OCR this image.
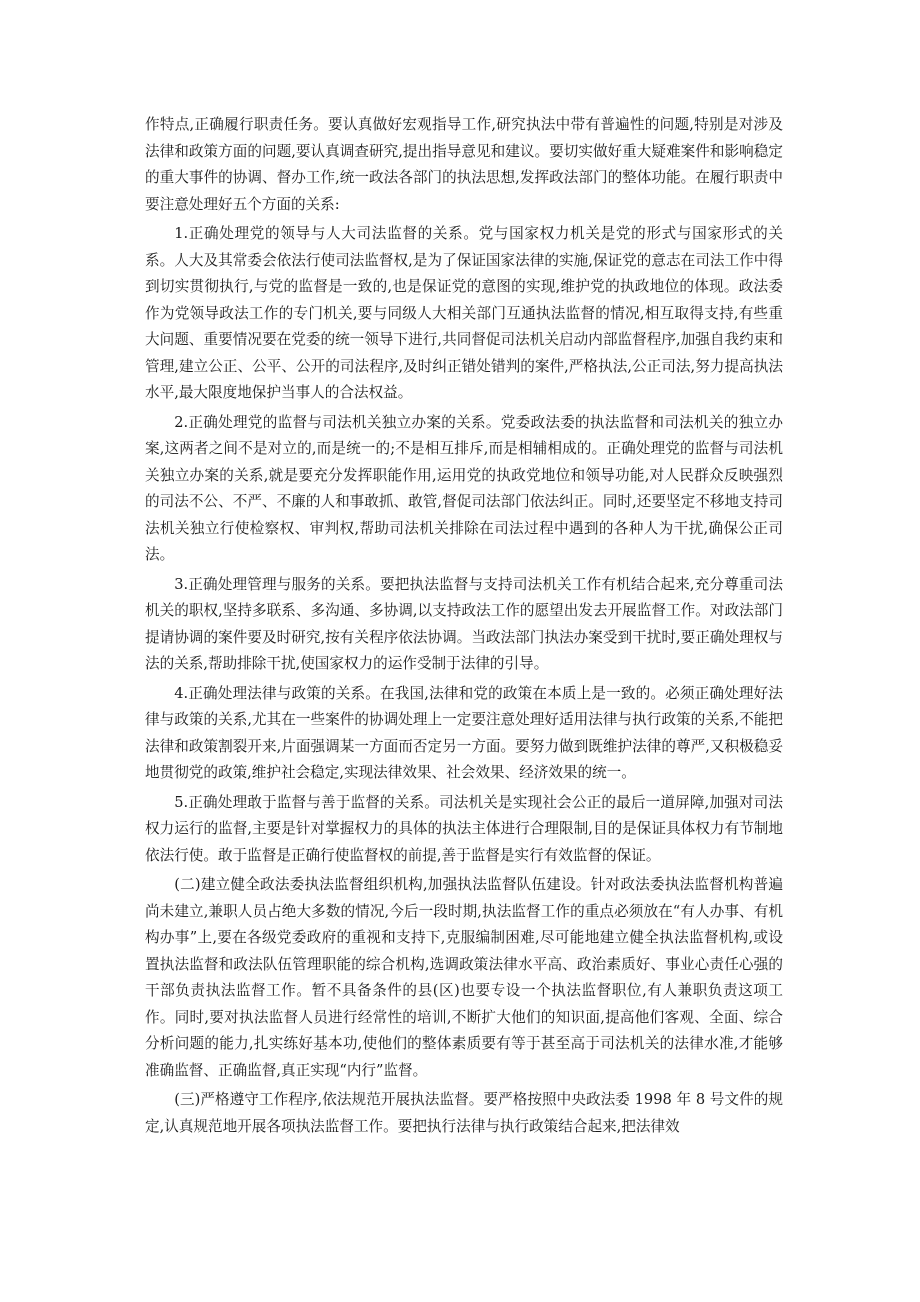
作特点,正确履行职责任务。要认真做好宏观指导工作,研究执法中带有普遍性的问题,特别是对涉及法律和政策方面的问题,要认真调查研究,提出指导意见和建议。要切实做好重大疑难案件和影响稳定的重大事件的协调、督办工作,统一政法各部门的执法思想,发挥政法部门的整体功能。在履行职责中要注意处理好五个方面的关系:

1.正确处理党的领导与人大司法监督的关系。党与国家权力机关是党的形式与国家形式的关系。人大及其常委会依法行使司法监督权,是为了保证国家法律的实施,保证党的意志在司法工作中得到切实贯彻执行,与党的监督是一致的,也是保证党的意图的实现,维护党的执政地位的体现。政法委作为党领导政法工作的专门机关,要与同级人大相关部门互通执法监督的情况,相互取得支持,有些重大问题、重要情况要在党委的统一领导下进行,共同督促司法机关启动内部监督程序,加强自我约束和管理,建立公正、公平、公开的司法程序,及时纠正错处错判的案件,严格执法,公正司法,努力提高执法水平,最大限度地保护当事人的合法权益。

2.正确处理党的监督与司法机关独立办案的关系。党委政法委的执法监督和司法机关的独立办案,这两者之间不是对立的,而是统一的;不是相互排斥,而是相辅相成的。正确处理党的监督与司法机关独立办案的关系,就是要充分发挥职能作用,运用党的执政党地位和领导功能,对人民群众反映强烈的司法不公、不严、不廉的人和事敢抓、敢管,督促司法部门依法纠正。同时,还要坚定不移地支持司法机关独立行使检察权、审判权,帮助司法机关排除在司法过程中遇到的各种人为干扰,确保公正司法。

3.正确处理管理与服务的关系。要把执法监督与支持司法机关工作有机结合起来,充分尊重司法机关的职权,坚持多联系、多沟通、多协调,以支持政法工作的愿望出发去开展监督工作。对政法部门提请协调的案件要及时研究,按有关程序依法协调。当政法部门执法办案受到干扰时,要正确处理权与法的关系,帮助排除干扰,使国家权力的运作受制于法律的引导。

4.正确处理法律与政策的关系。在我国,法律和党的政策在本质上是一致的。必须正确处理好法律与政策的关系,尤其在一些案件的协调处理上一定要注意处理好适用法律与执行政策的关系,不能把法律和政策割裂开来,片面强调某一方面而否定另一方面。要努力做到既维护法律的尊严,又积极稳妥地贯彻党的政策,维护社会稳定,实现法律效果、社会效果、经济效果的统一。

5.正确处理敢于监督与善于监督的关系。司法机关是实现社会公正的最后一道屏障,加强对司法权力运行的监督,主要是针对掌握权力的具体的执法主体进行合理限制,目的是保证具体权力有节制地依法行使。敢于监督是正确行使监督权的前提,善于监督是实行有效监督的保证。

(二)建立健全政法委执法监督组织机构,加强执法监督队伍建设。针对政法委执法监督机构普遍尚未建立,兼职人员占绝大多数的情况,今后一段时期,执法监督工作的重点必须放在“有人办事、有机构办事”上,要在各级党委政府的重视和支持下,克服编制困难,尽可能地建立健全执法监督机构,或设置执法监督和政法队伍管理职能的综合机构,选调政策法律水平高、政治素质好、事业心责任心强的干部负责执法监督工作。暂不具备条件的县(区)也要专设一个执法监督职位,有人兼职负责这项工作。同时,要对执法监督人员进行经常性的培训,不断扩大他们的知识面,提高他们客观、全面、综合分析问题的能力,扎实练好基本功,使他们的整体素质要有等于甚至高于司法机关的法律水准,才能够准确监督、正确监督,真正实现“内行”监督。

(三)严格遵守工作程序,依法规范开展执法监督。要严格按照中央政法委 1998 年 8 号文件的规定,认真规范地开展各项执法监督工作。要把执行法律与执行政策结合起来,把法律效
